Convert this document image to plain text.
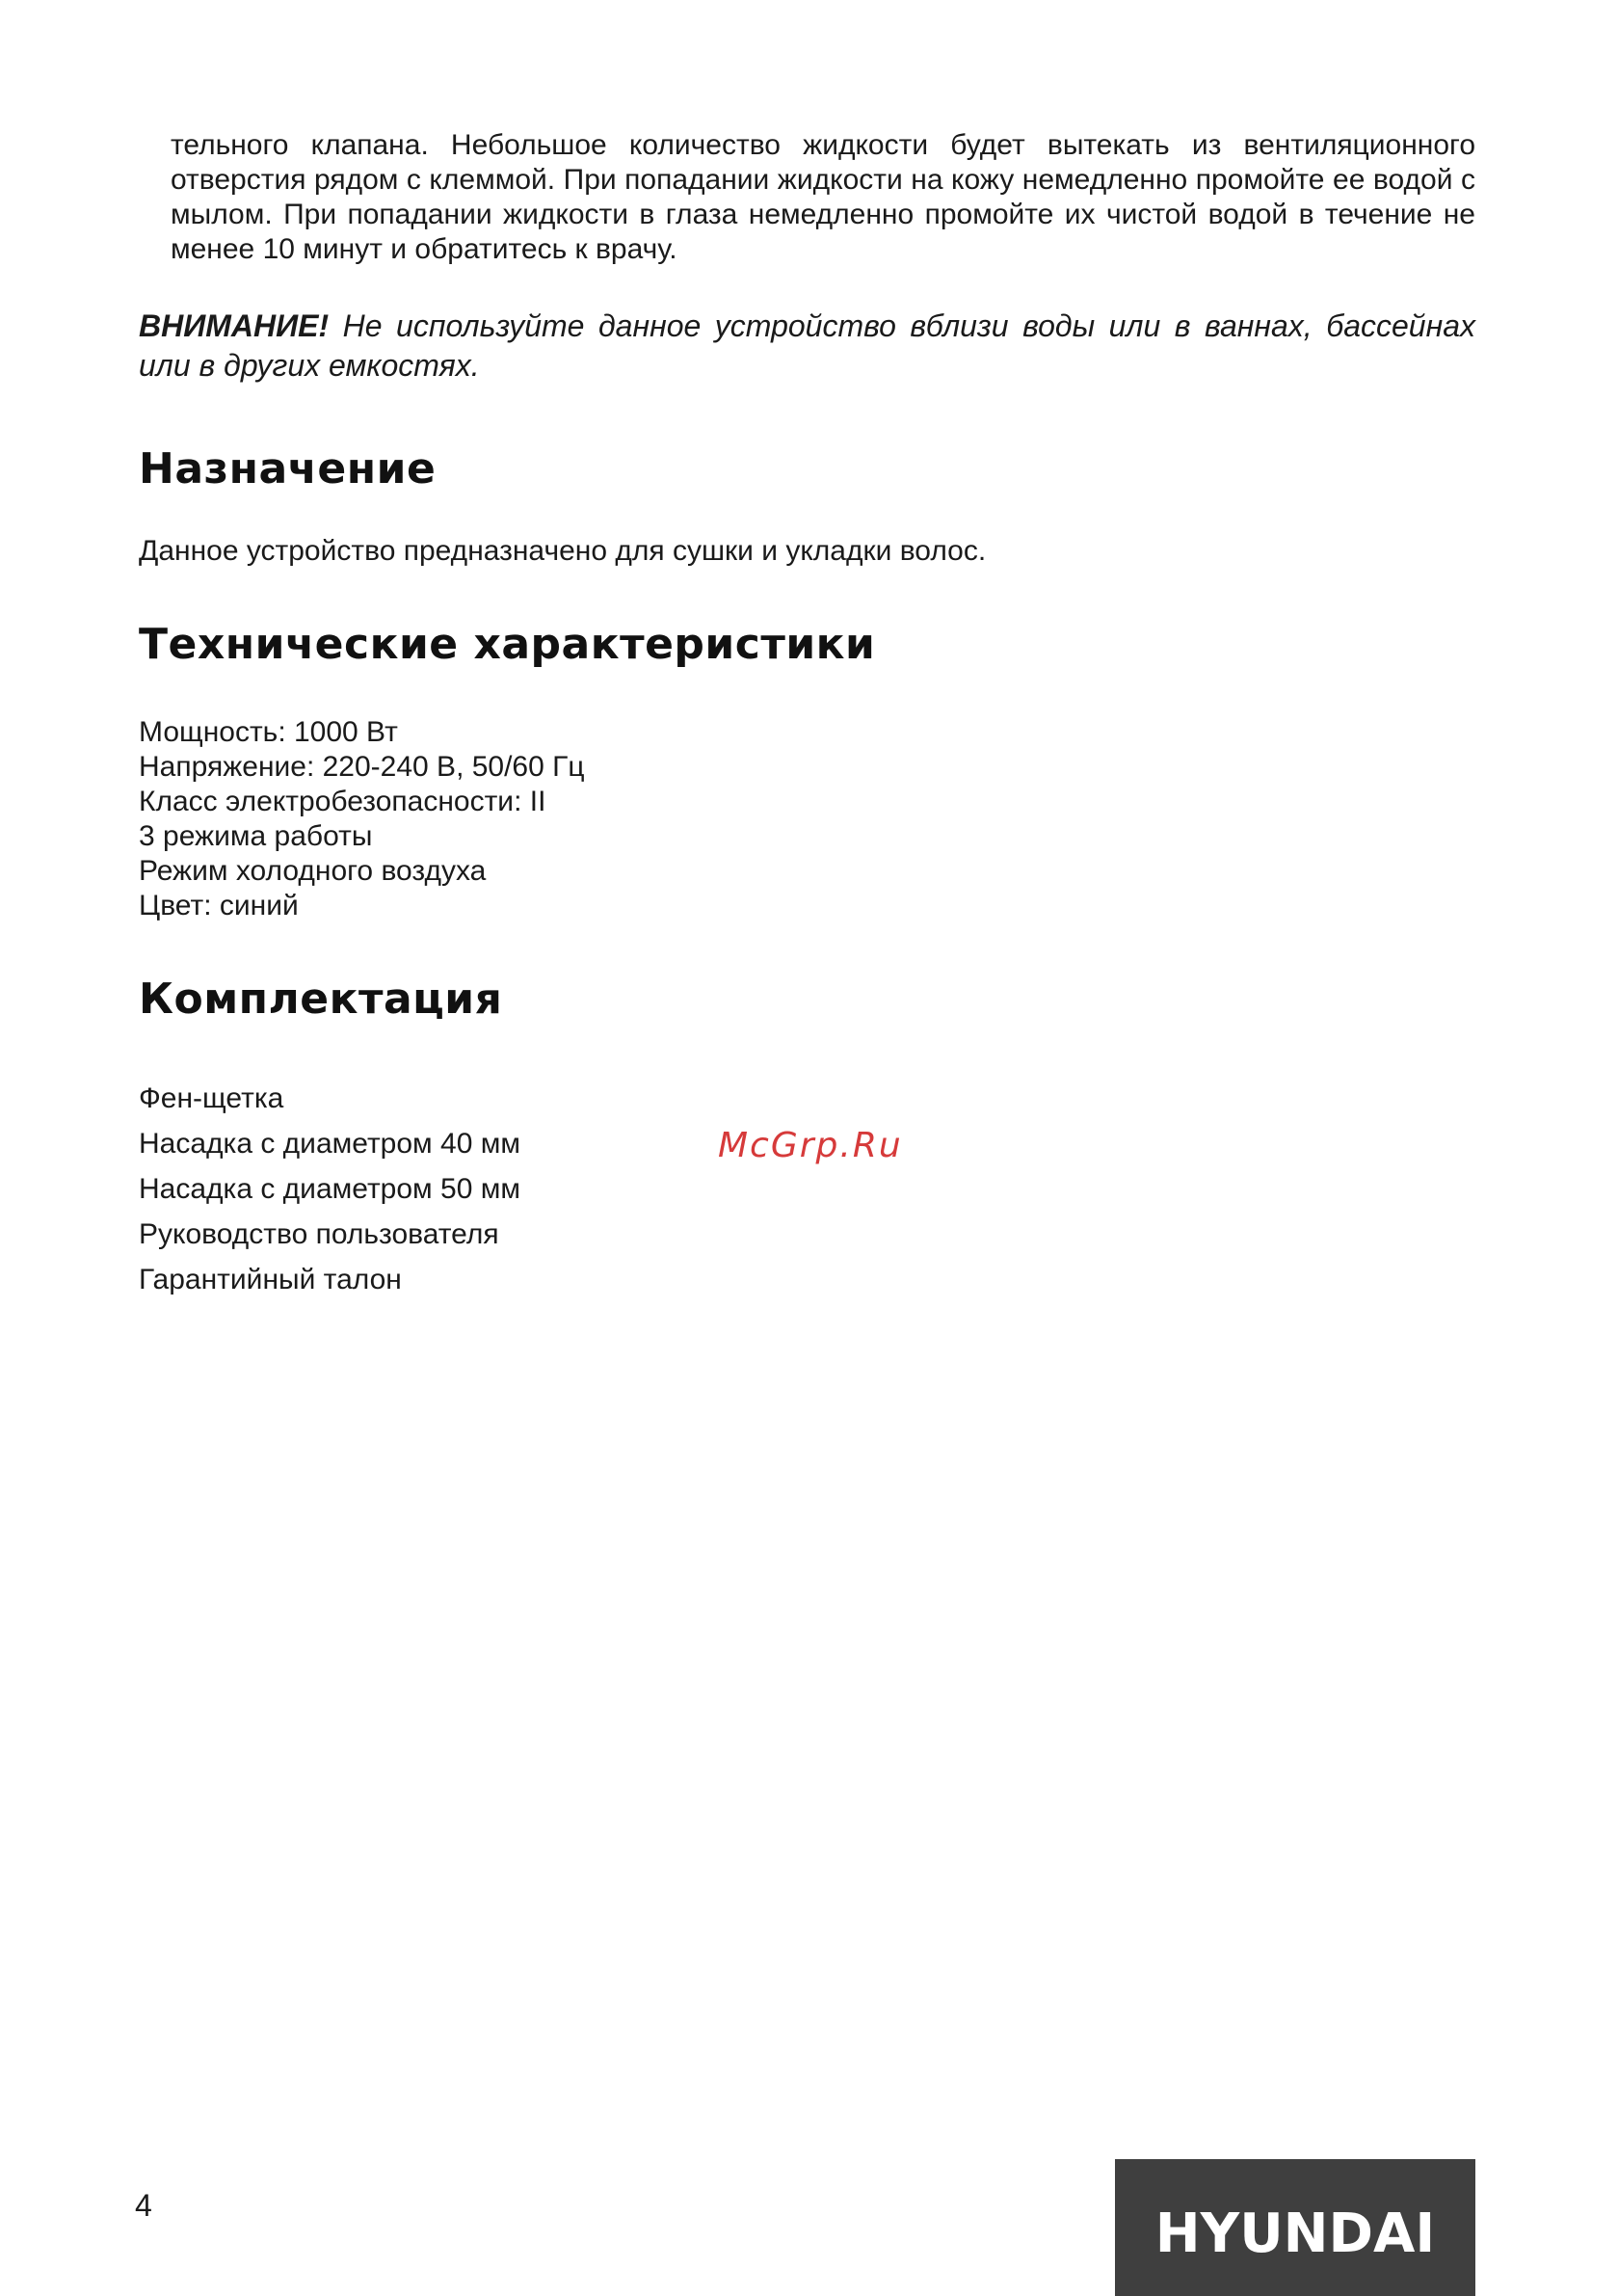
тельного клапана. Небольшое количество жидкости будет вытекать из вентиляционного отверстия рядом с клеммой. При попадании жидкости на кожу немедленно промойте ее водой с мылом. При попадании жидкости в глаза немедленно промойте их чистой водой в течение не менее 10 минут и обратитесь к врачу.

ВНИМАНИЕ! Не используйте данное устройство вблизи воды или в ваннах, бассейнах или в других емкостях.

Назначение

Данное устройство предназначено для сушки и укладки волос.

Технические характеристики
Мощность: 1000 Вт
Напряжение: 220-240 В, 50/60 Гц
Класс электробезопасности: II
3 режима работы
Режим холодного воздуха
Цвет: синий
Комплектация
Фен-щетка
Насадка с диаметром 40 мм
Насадка с диаметром 50 мм
Руководство пользователя
Гарантийный талон

McGrp.Ru

4	HYUNDAI
